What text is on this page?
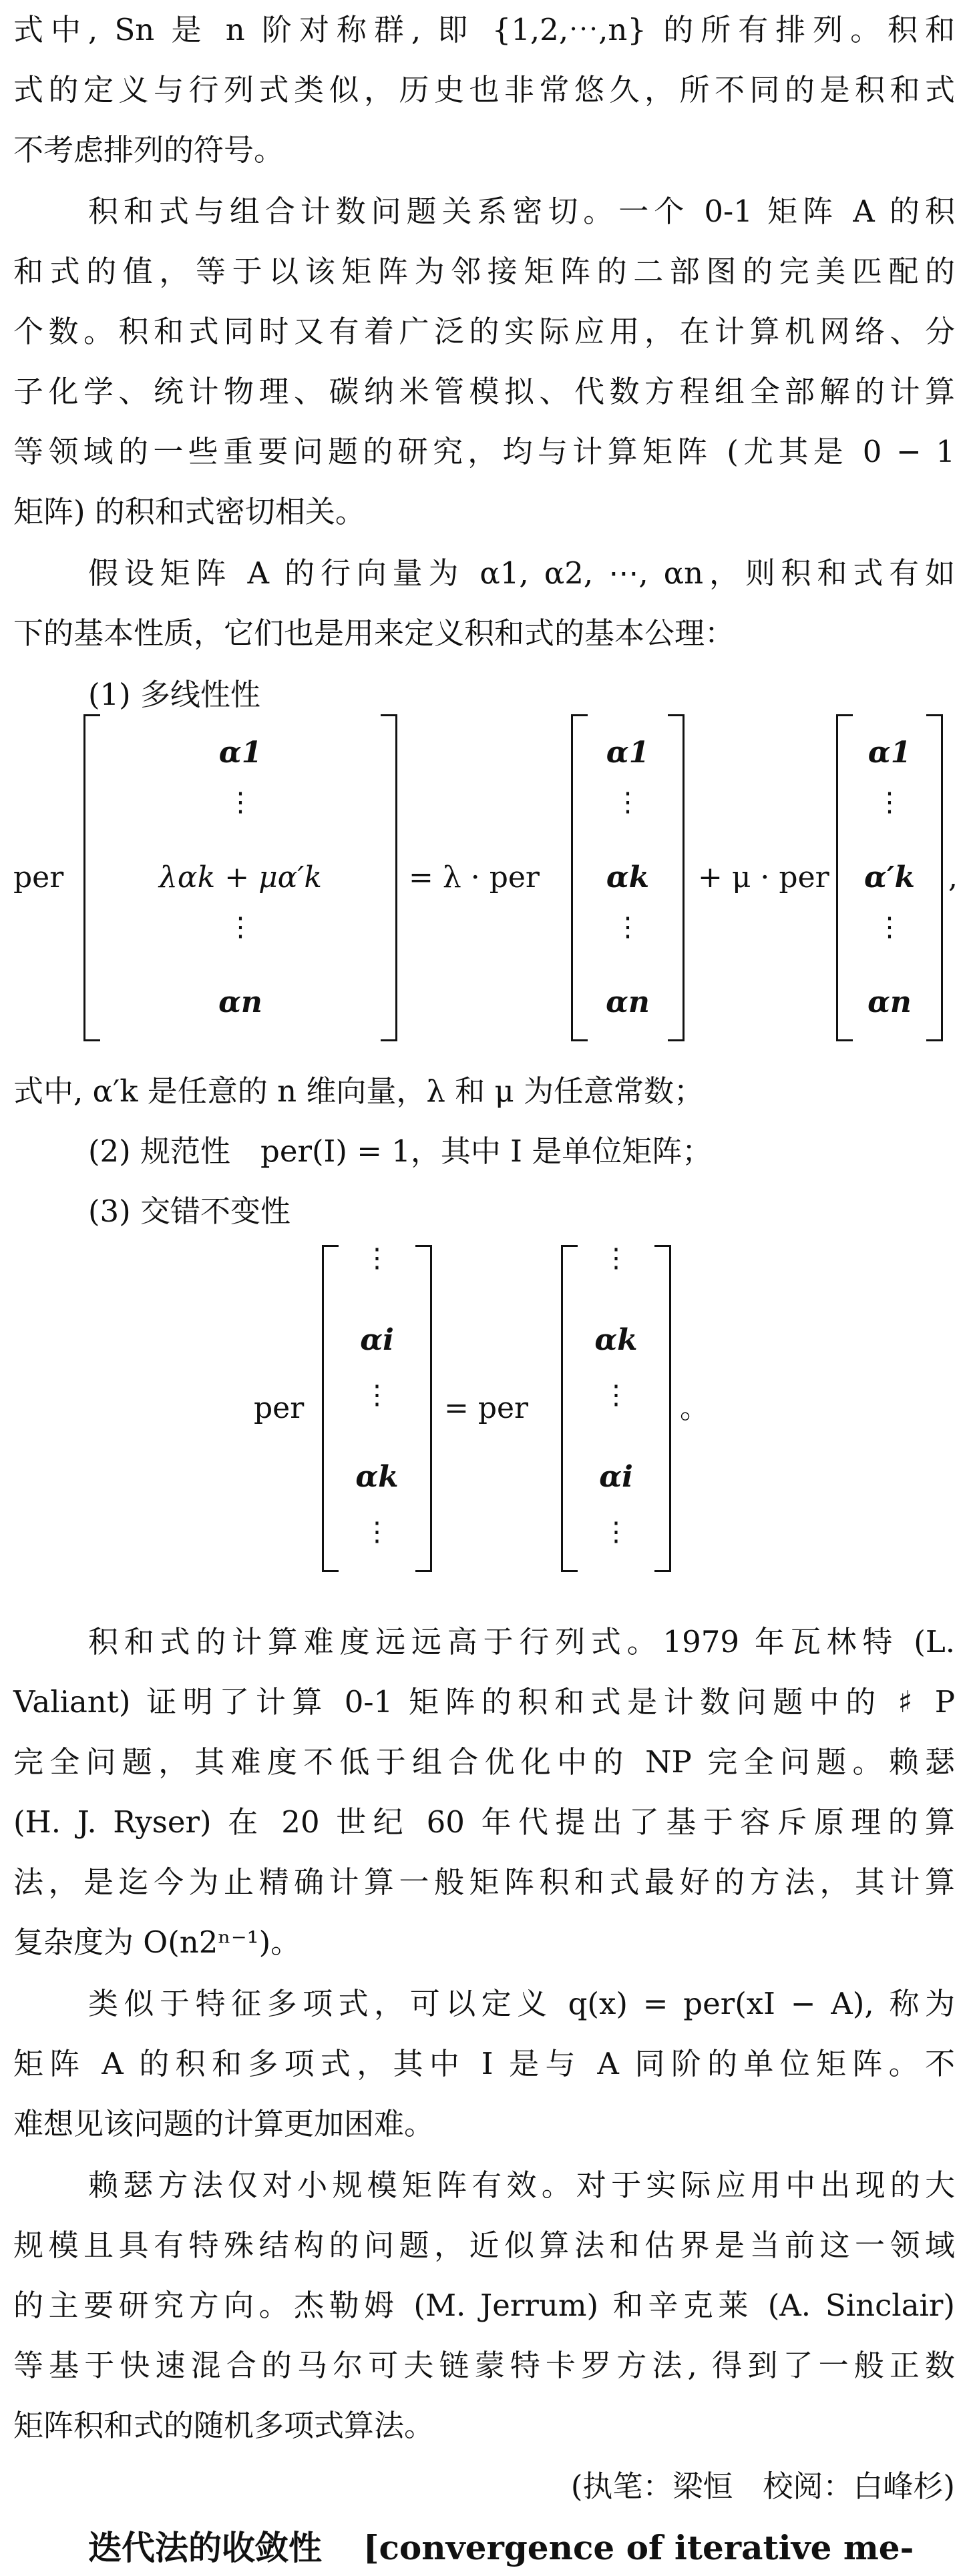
式中, Sn 是 n 阶对称群, 即 {1,2,⋯,n} 的所有排列。积和

式的定义与行列式类似，历史也非常悠久，所不同的是积和式

不考虑排列的符号。

积和式与组合计数问题关系密切。一个 0-1 矩阵 A 的积

和式的值，等于以该矩阵为邻接矩阵的二部图的完美匹配的

个数。积和式同时又有着广泛的实际应用，在计算机网络、分

子化学、统计物理、碳纳米管模拟、代数方程组全部解的计算

等领域的一些重要问题的研究，均与计算矩阵 (尤其是 0 − 1

矩阵) 的积和式密切相关。

假设矩阵 A 的行向量为 α1, α2, ⋯, αn，则积和式有如

下的基本性质，它们也是用来定义积和式的基本公理：

(1) 多线性性

per
α1
⋮
λαk + μα′k
⋮
αn
= λ · per
α1
⋮
αk
⋮
αn
+ μ · per
α1
⋮
α′k
⋮
αn
,

式中, α′k 是任意的 n 维向量，λ 和 μ 为任意常数；

(2) 规范性　per(I) = 1，其中 I 是单位矩阵；

(3) 交错不变性

per
⋮
αi
⋮
αk
⋮
= per
⋮
αk
⋮
αi
⋮
。

积和式的计算难度远远高于行列式。1979 年瓦林特 (L.

Valiant) 证明了计算 0-1 矩阵的积和式是计数问题中的 ♯ P

完全问题，其难度不低于组合优化中的 NP 完全问题。赖瑟

(H. J. Ryser) 在 20 世纪 60 年代提出了基于容斥原理的算

法，是迄今为止精确计算一般矩阵积和式最好的方法，其计算

复杂度为 O(n2ⁿ⁻¹)。

类似于特征多项式，可以定义 q(x) = per(xI − A), 称为

矩阵 A 的积和多项式，其中 I 是与 A 同阶的单位矩阵。不

难想见该问题的计算更加困难。

赖瑟方法仅对小规模矩阵有效。对于实际应用中出现的大

规模且具有特殊结构的问题，近似算法和估界是当前这一领域

的主要研究方向。杰勒姆 (M. Jerrum) 和辛克莱 (A. Sinclair)

等基于快速混合的马尔可夫链蒙特卡罗方法, 得到了一般正数

矩阵积和式的随机多项式算法。

(执笔：梁恒　校阅：白峰杉)

迭代法的收敛性 [convergence of iterative me-
